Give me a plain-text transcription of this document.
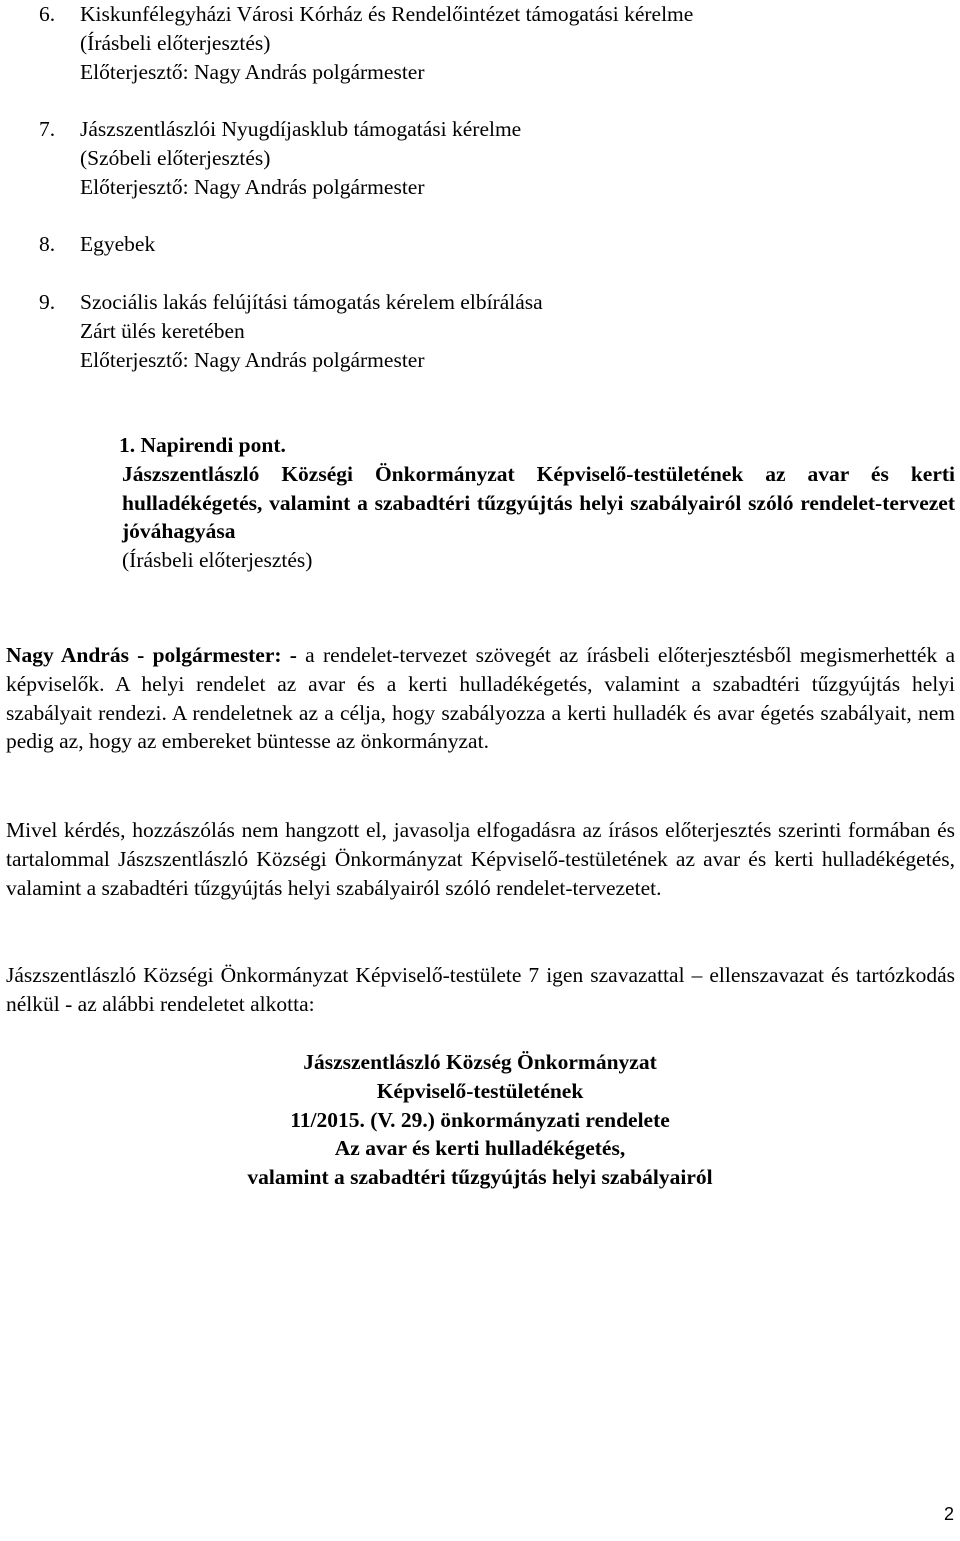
6.	Kiskunfélegyházi Városi Kórház és Rendelőintézet támogatási kérelme
(Írásbeli előterjesztés)
Előterjesztő: Nagy András polgármester
7.	Jászszentlászlói Nyugdíjasklub támogatási kérelme
(Szóbeli előterjesztés)
Előterjesztő: Nagy András polgármester
8.	Egyebek
9.	Szociális lakás felújítási támogatás kérelem elbírálása
Zárt ülés keretében
Előterjesztő: Nagy András polgármester
1. Napirendi pont.
Jászszentlászló Községi Önkormányzat Képviselő-testületének az avar és kerti hulladékégetés, valamint a szabadtéri tűzgyújtás helyi szabályairól szóló rendelet-tervezet jóváhagyása
(Írásbeli előterjesztés)
Nagy András - polgármester: - a rendelet-tervezet szövegét az írásbeli előterjesztésből megismerhették a képviselők. A helyi rendelet az avar és a kerti hulladékégetés, valamint a szabadtéri tűzgyújtás helyi szabályait rendezi. A rendeletnek az a célja, hogy szabályozza a kerti hulladék és avar égetés szabályait, nem pedig az, hogy az embereket büntesse az önkormányzat.
Mivel kérdés, hozzászólás nem hangzott el, javasolja elfogadásra az írásos előterjesztés szerinti formában és tartalommal Jászszentlászló Községi Önkormányzat Képviselő-testületének az avar és kerti hulladékégetés, valamint a szabadtéri tűzgyújtás helyi szabályairól szóló rendelet-tervezetet.
Jászszentlászló Községi Önkormányzat Képviselő-testülete 7 igen szavazattal – ellenszavazat és tartózkodás nélkül - az alábbi rendeletet alkotta:
Jászszentlászló Község Önkormányzat
Képviselő-testületének
11/2015. (V. 29.) önkormányzati rendelete
Az avar és kerti hulladékégetés,
valamint a szabadtéri tűzgyújtás helyi szabályairól
2
